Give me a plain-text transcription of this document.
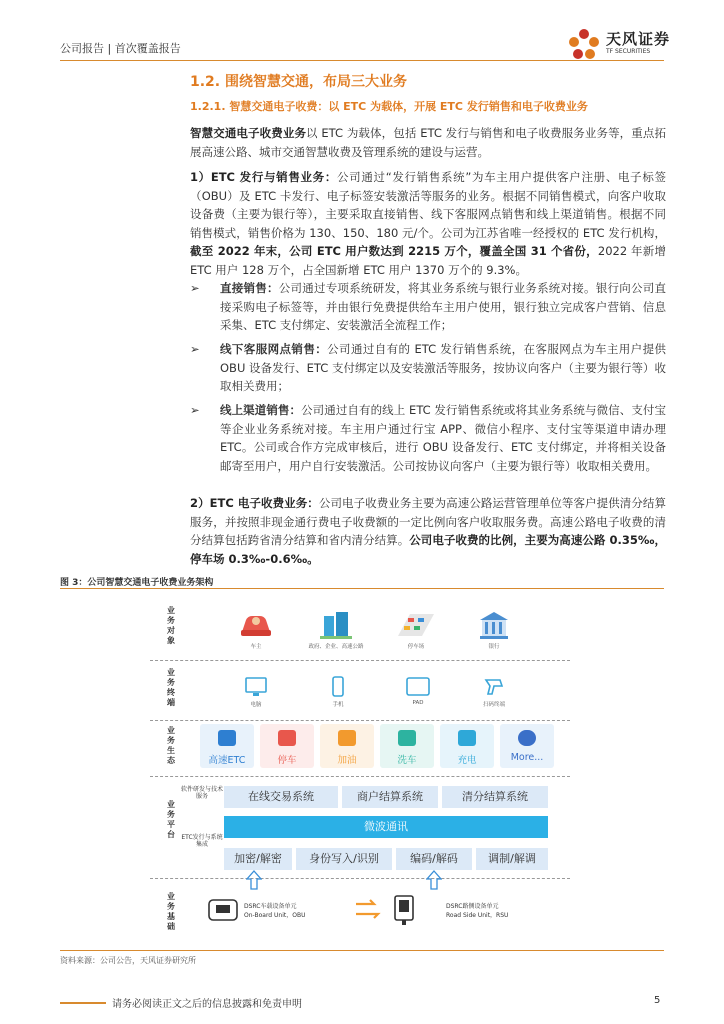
公司报告 | 首次覆盖报告
天风证券
TF SECURITIES
1.2. 围绕智慧交通，布局三大业务
1.2.1. 智慧交通电子收费：以 ETC 为载体，开展 ETC 发行销售和电子收费业务
智慧交通电子收费业务以 ETC 为载体，包括 ETC 发行与销售和电子收费服务业务等，重点拓展高速公路、城市交通智慧收费及管理系统的建设与运营。
1）ETC 发行与销售业务：公司通过“发行销售系统”为车主用户提供客户注册、电子标签（OBU）及 ETC 卡发行、电子标签安装激活等服务的业务。根据不同销售模式，向客户收取设备费（主要为银行等），主要采取直接销售、线下客服网点销售和线上渠道销售。根据不同销售模式，销售价格为 130、150、180 元/个。公司为江苏省唯一经授权的 ETC 发行机构，截至 2022 年末，公司 ETC 用户数达到 2215 万个，覆盖全国 31 个省份，2022 年新增 ETC 用户 128 万个，占全国新增 ETC 用户 1370 万个的 9.3%。
➢	直接销售：公司通过专项系统研发，将其业务系统与银行业务系统对接。银行向公司直接采购电子标签等，并由银行免费提供给车主用户使用，银行独立完成客户营销、信息采集、ETC 支付绑定、安装激活全流程工作；
➢	线下客服网点销售：公司通过自有的 ETC 发行销售系统，在客服网点为车主用户提供 OBU 设备发行、ETC 支付绑定以及安装激活等服务，按协议向客户（主要为银行等）收取相关费用；
➢	线上渠道销售：公司通过自有的线上 ETC 发行销售系统或将其业务系统与微信、支付宝等企业业务系统对接。车主用户通过行宝 APP、微信小程序、支付宝等渠道申请办理 ETC。公司或合作方完成审核后，进行 OBU 设备发行、ETC 支付绑定，并将相关设备邮寄至用户，用户自行安装激活。公司按协议向客户（主要为银行等）收取相关费用。
2）ETC 电子收费业务：公司电子收费业务主要为高速公路运营管理单位等客户提供清分结算服务，并按照非现金通行费电子收费额的一定比例向客户收取服务费。高速公路电子收费的清分结算包括跨省清分结算和省内清分结算。公司电子收费的比例，主要为高速公路 0.35‰，停车场 0.3‰-0.6‰。
图 3：公司智慧交通电子收费业务架构
业务对象
业务终端
业务生态
业务平台
业务基础
车主	政府、企业、高速公路	停车场	银行
电脑	手机	PAD	扫码终端
高速ETC	停车	加油	洗车	充电	More...
软件研发与技术服务
ETC发行与系统集成
在线交易系统	商户结算系统	清分结算系统
微波通讯
加密/解密	身份写入/识别	编码/解码	调制/解调
DSRC车载设备单元
On-Board Unit，OBU
DSRC路侧设备单元
Road Side Unit，RSU
资料来源：公司公告，天风证券研究所
请务必阅读正文之后的信息披露和免责申明	5
